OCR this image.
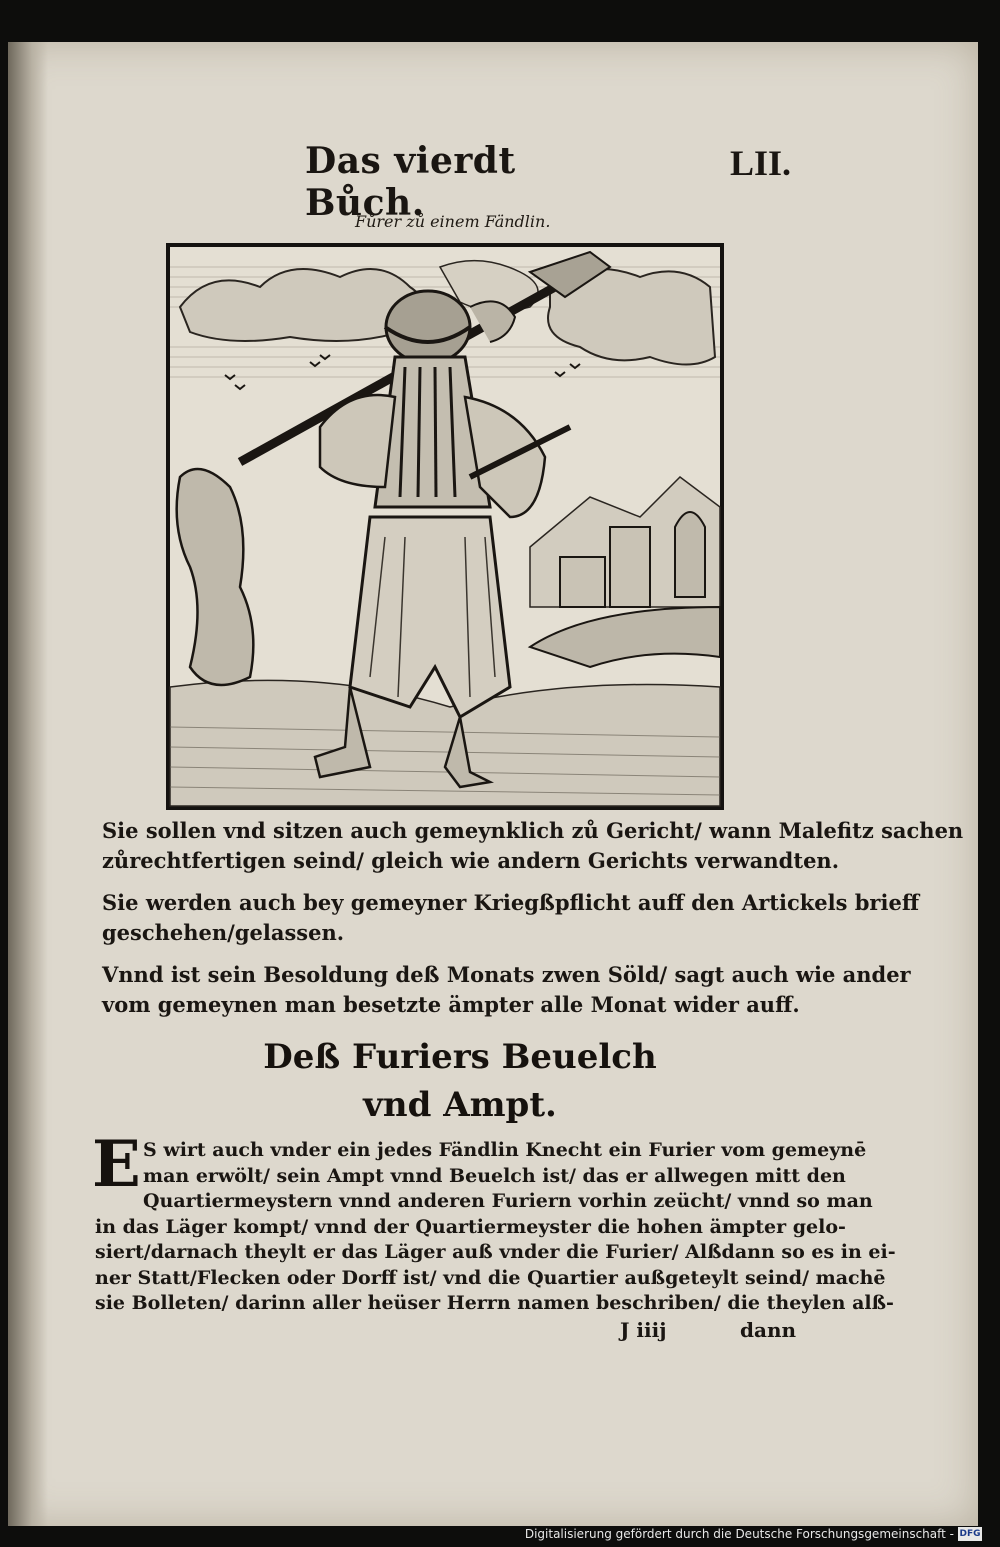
Das vierdt Bůch.
LII.
Fůrer zů einem Fändlin.
Sie sollen vnd sitzen auch gemeynklich zů Gericht/ wann Malefitz sachen
zůrechtfertigen seind/ gleich wie andern Gerichts verwandten.
Sie werden auch bey gemeyner Kriegßpflicht auff den Artickels brieff
geschehen/gelassen.
Vnnd ist sein Besoldung deß Monats zwen Söld/ sagt auch wie ander
vom gemeynen man besetzte ämpter alle Monat wider auff.
Deß Furiers Beuelch
vnd Ampt.
E S wirt auch vnder ein jedes Fändlin Knecht ein Furier vom gemeynē
man erwölt/ sein Ampt vnnd Beuelch ist/ das er allwegen mitt den
Quartiermeystern vnnd anderen Furiern vorhin zeücht/ vnnd so man
in das Läger kompt/ vnnd der Quartiermeyster die hohen ämpter gelo-
siert/darnach theylt er das Läger auß vnder die Furier/ Alßdann so es in ei-
ner Statt/Flecken oder Dorff ist/ vnd die Quartier außgeteylt seind/ machē
sie Bolleten/ darinn aller heüser Herrn namen beschriben/ die theylen alß-
J iiij	dann
Digitalisierung gefördert durch die Deutsche Forschungsgemeinschaft - DFG
